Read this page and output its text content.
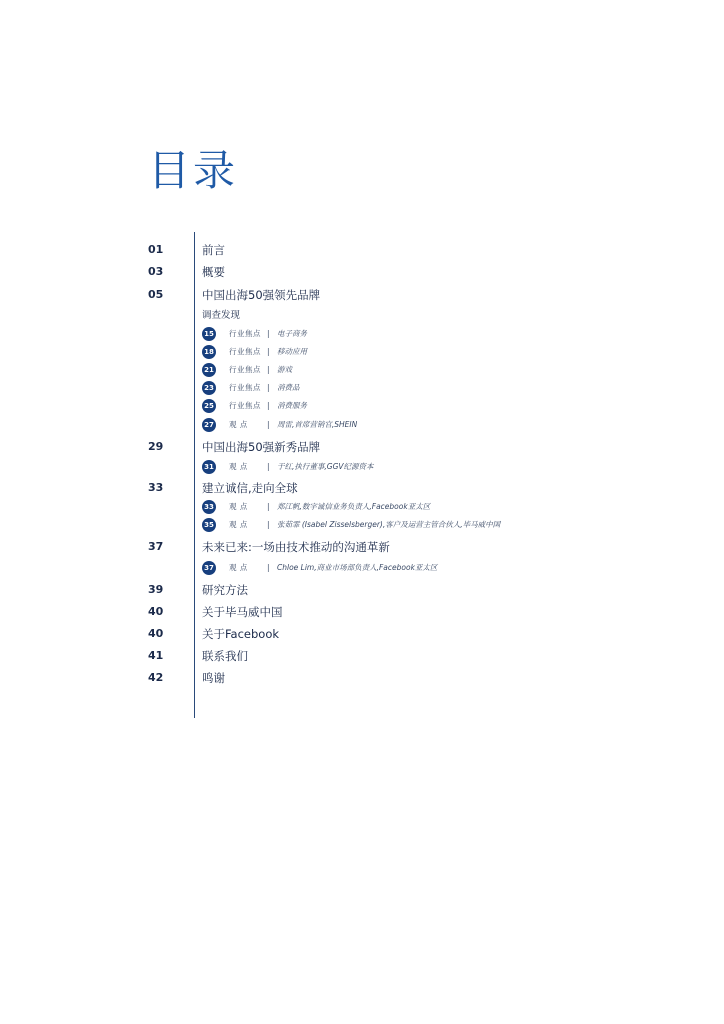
目录
01	前言
03	概要
05	中国出海50强领先品牌
调查发现
15 行业焦点 | 电子商务
18 行业焦点 | 移动应用
21 行业焦点 | 游戏
23 行业焦点 | 消费品
25 行业焦点 | 消费服务
27 观 点	| 周雷,首席营销官,SHEIN
29	中国出海50强新秀品牌
31 观 点	| 于红,执行董事,GGV纪源资本
33	建立诚信,走向全球
33 观 点	| 郑江帆,数字诚信业务负责人,Facebook亚太区
35 观 点	| 张茹霏 (Isabel Zisselsberger),客户及运营主管合伙人,毕马威中国
37	未来已来:一场由技术推动的沟通革新
37 观 点	| Chloe Lim,商业市场部负责人,Facebook亚太区
39	研究方法
40	关于毕马威中国
40	关于Facebook
41	联系我们
42	鸣谢
